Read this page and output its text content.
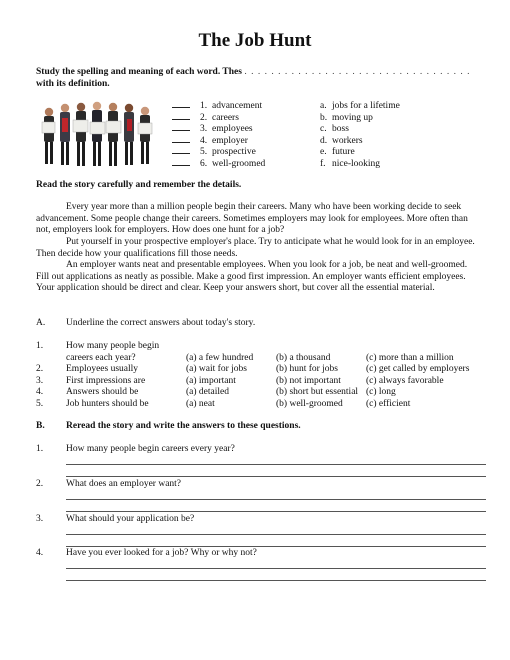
The Job Hunt
Study the spelling and meaning of each word. Thes . . . . . . . . . . . . . . . . . . . . . . . . . . . . . . . . . .
with its definition.
1. advancement	a. jobs for a lifetime
2. careers	b. moving up
3. employees	c. boss
4. employer	d. workers
5. prospective	e. future
6. well-groomed	f. nice-looking
Read the story carefully and remember the details.
Every year more than a million people begin their careers. Many who have been working decide to seek advancement. Some people change their careers. Sometimes employers may look for employees. More often than not, employers look for employers. How does one hunt for a job?
Put yourself in your prospective employer's place. Try to anticipate what he would look for in an employee. Then decide how your qualifications fill those needs.
An employer wants neat and presentable employees. When you look for a job, be neat and well-groomed. Fill out applications as neatly as possible. Make a good first impression. An employer wants efficient employees. Your application should be direct and clear. Keep your answers short, but cover all the essential material.
A. Underline the correct answers about today's story.
1. How many people begin
careers each year?	(a) a few hundred (b) a thousand	(c) more than a million
2. Employees usually	(a) wait for jobs	(b) hunt for jobs	(c) get called by employers
3. First impressions are	(a) important	(b) not important	(c) always favorable
4. Answers should be	(a) detailed	(b) short but essential (c) long
5. Job hunters should be	(a) neat	(b) well-groomed (c) efficient
B. Reread the story and write the answers to these questions.
1. How many people begin careers every year?
2. What does an employer want?
3. What should your application be?
4. Have you ever looked for a job? Why or why not?
